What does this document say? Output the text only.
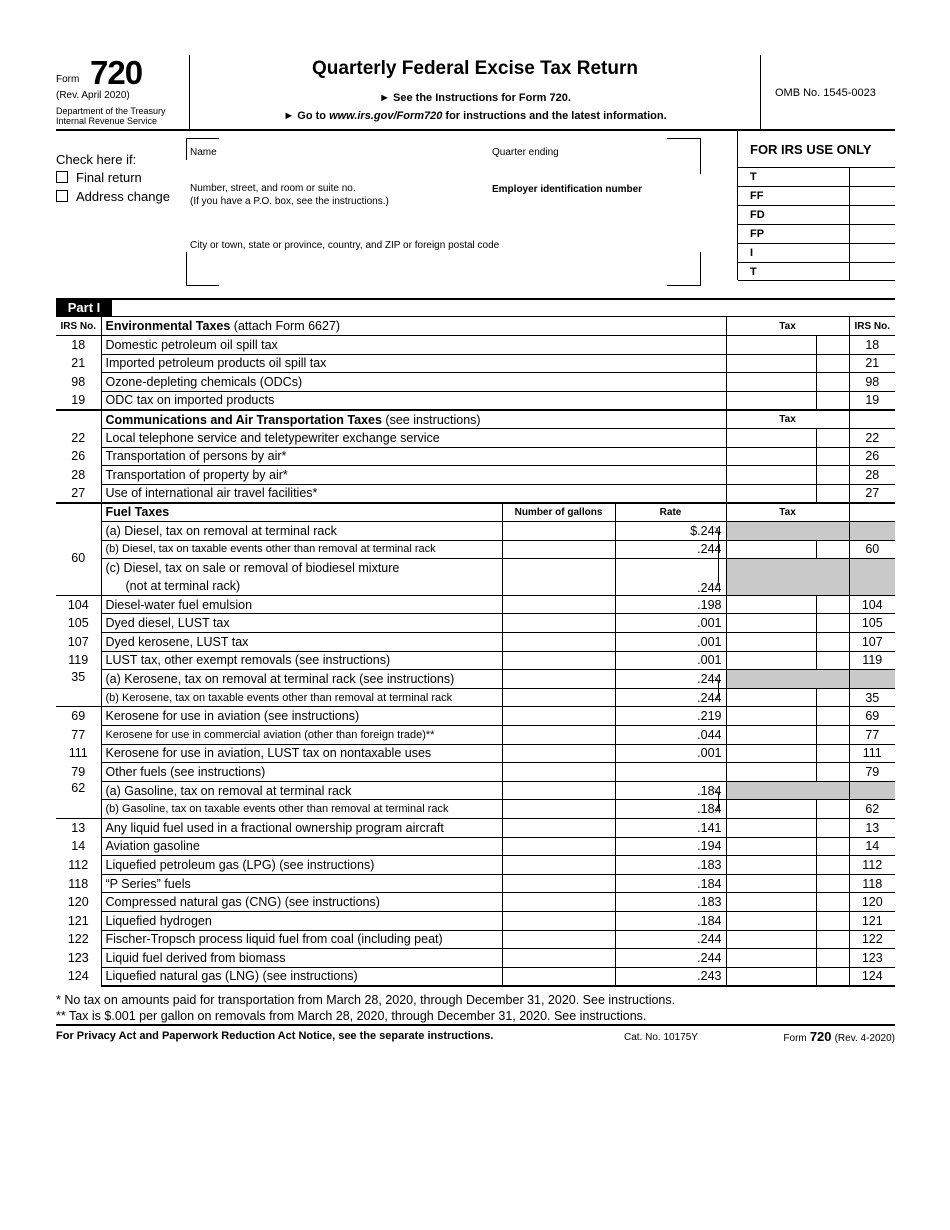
Form 720
(Rev. April 2020)
Department of the Treasury Internal Revenue Service
Quarterly Federal Excise Tax Return
► See the Instructions for Form 720.
► Go to www.irs.gov/Form720 for instructions and the latest information.
OMB No. 1545-0023
Check here if:
Final return
Address change
Name	Quarter ending
Number, street, and room or suite no.
(If you have a P.O. box, see the instructions.)
Employer identification number
City or town, state or province, country, and ZIP or foreign postal code
FOR IRS USE ONLY
T
FF
FD
FP
I
T
Part I
IRS No.	Environmental Taxes (attach Form 6627)			Tax		IRS No.
18	Domestic petroleum oil spill tax					18
21	Imported petroleum products oil spill tax					21
98	Ozone-depleting chemicals (ODCs)					98
19	ODC tax on imported products					19
	Communications and Air Transportation Taxes (see instructions)			Tax		
22	Local telephone service and teletypewriter exchange service					22
26	Transportation of persons by air*					26
28	Transportation of property by air*					28
27	Use of international air travel facilities*					27
	Fuel Taxes	Number of gallons	Rate	Tax		
60	(a) Diesel, tax on removal at terminal rack		$.244			
	(b) Diesel, tax on taxable events other than removal at terminal rack		.244			60
	(c) Diesel, tax on sale or removal of biodiesel mixture		.244			
	(not at terminal rack)					
104	Diesel-water fuel emulsion		.198			104
105	Dyed diesel, LUST tax		.001			105
107	Dyed kerosene, LUST tax		.001			107
119	LUST tax, other exempt removals (see instructions)		.001			119
35	(a) Kerosene, tax on removal at terminal rack (see instructions)		.244			
	(b) Kerosene, tax on taxable events other than removal at terminal rack		.244			35
69	Kerosene for use in aviation (see instructions)		.219			69
77	Kerosene for use in commercial aviation (other than foreign trade)**		.044			77
111	Kerosene for use in aviation, LUST tax on nontaxable uses		.001			111
79	Other fuels (see instructions)					79
62	(a) Gasoline, tax on removal at terminal rack		.184			
	(b) Gasoline, tax on taxable events other than removal at terminal rack		.184			62
13	Any liquid fuel used in a fractional ownership program aircraft		.141			13
14	Aviation gasoline		.194			14
112	Liquefied petroleum gas (LPG) (see instructions)		.183			112
118	“P Series” fuels		.184			118
120	Compressed natural gas (CNG) (see instructions)		.183			120
121	Liquefied hydrogen		.184			121
122	Fischer-Tropsch process liquid fuel from coal (including peat)		.244			122
123	Liquid fuel derived from biomass		.244			123
124	Liquefied natural gas (LNG) (see instructions)		.243			124
* No tax on amounts paid for transportation from March 28, 2020, through December 31, 2020. See instructions.
** Tax is $.001 per gallon on removals from March 28, 2020, through December 31, 2020. See instructions.
For Privacy Act and Paperwork Reduction Act Notice, see the separate instructions.	Cat. No. 10175Y	Form 720 (Rev. 4-2020)
